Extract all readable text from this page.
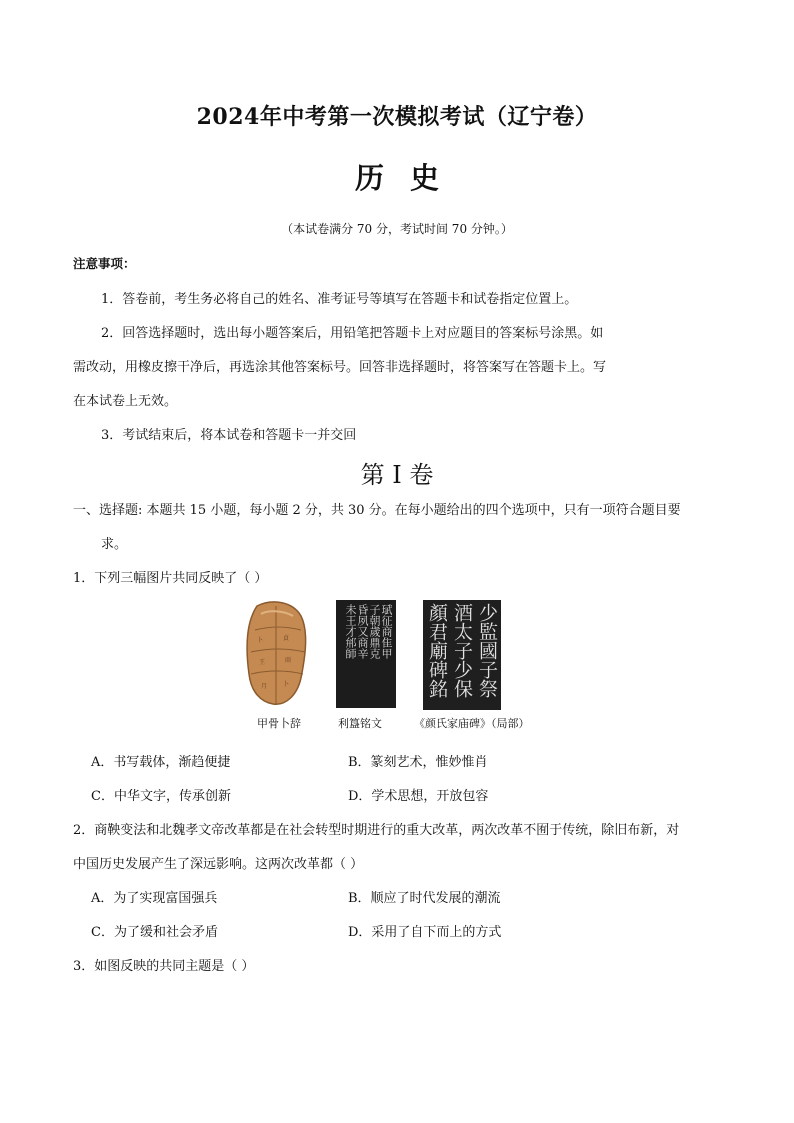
2024年中考第一次模拟考试（辽宁卷）
历史
（本试卷满分 70 分，考试时间 70 分钟。）
注意事项：
1．答卷前，考生务必将自己的姓名、准考证号等填写在答题卡和试卷指定位置上。
2．回答选择题时，选出每小题答案后，用铅笔把答题卡上对应题目的答案标号涂黑。如
需改动，用橡皮擦干净后，再选涂其他答案标号。回答非选择题时，将答案写在答题卡上。写
在本试卷上无效。
3．考试结束后，将本试卷和答题卡一并交回
第 I 卷
一、选择题: 本题共 15 小题，每小题 2 分，共 30 分。在每小题给出的四个选项中，只有一项符合题目要
求。
1．下列三幅图片共同反映了（ ）
卜	貞
王	雨
月	卜
甲骨卜辞
珷征商隹甲
子朝歲鼎克
昏夙又商辛
未王才𨚕師
利簋铭文
少監國子祭
酒太子少保
顏君廟碑銘
《颜氏家庙碑》（局部）
A．书写载体，渐趋便捷	B．篆刻艺术，惟妙惟肖
C．中华文字，传承创新	D．学术思想，开放包容
2．商鞅变法和北魏孝文帝改革都是在社会转型时期进行的重大改革，两次改革不囿于传统，除旧布新，对
中国历史发展产生了深远影响。这两次改革都（ ）
A．为了实现富国强兵	B．顺应了时代发展的潮流
C．为了缓和社会矛盾	D．采用了自下而上的方式
3．如图反映的共同主题是（ ）
